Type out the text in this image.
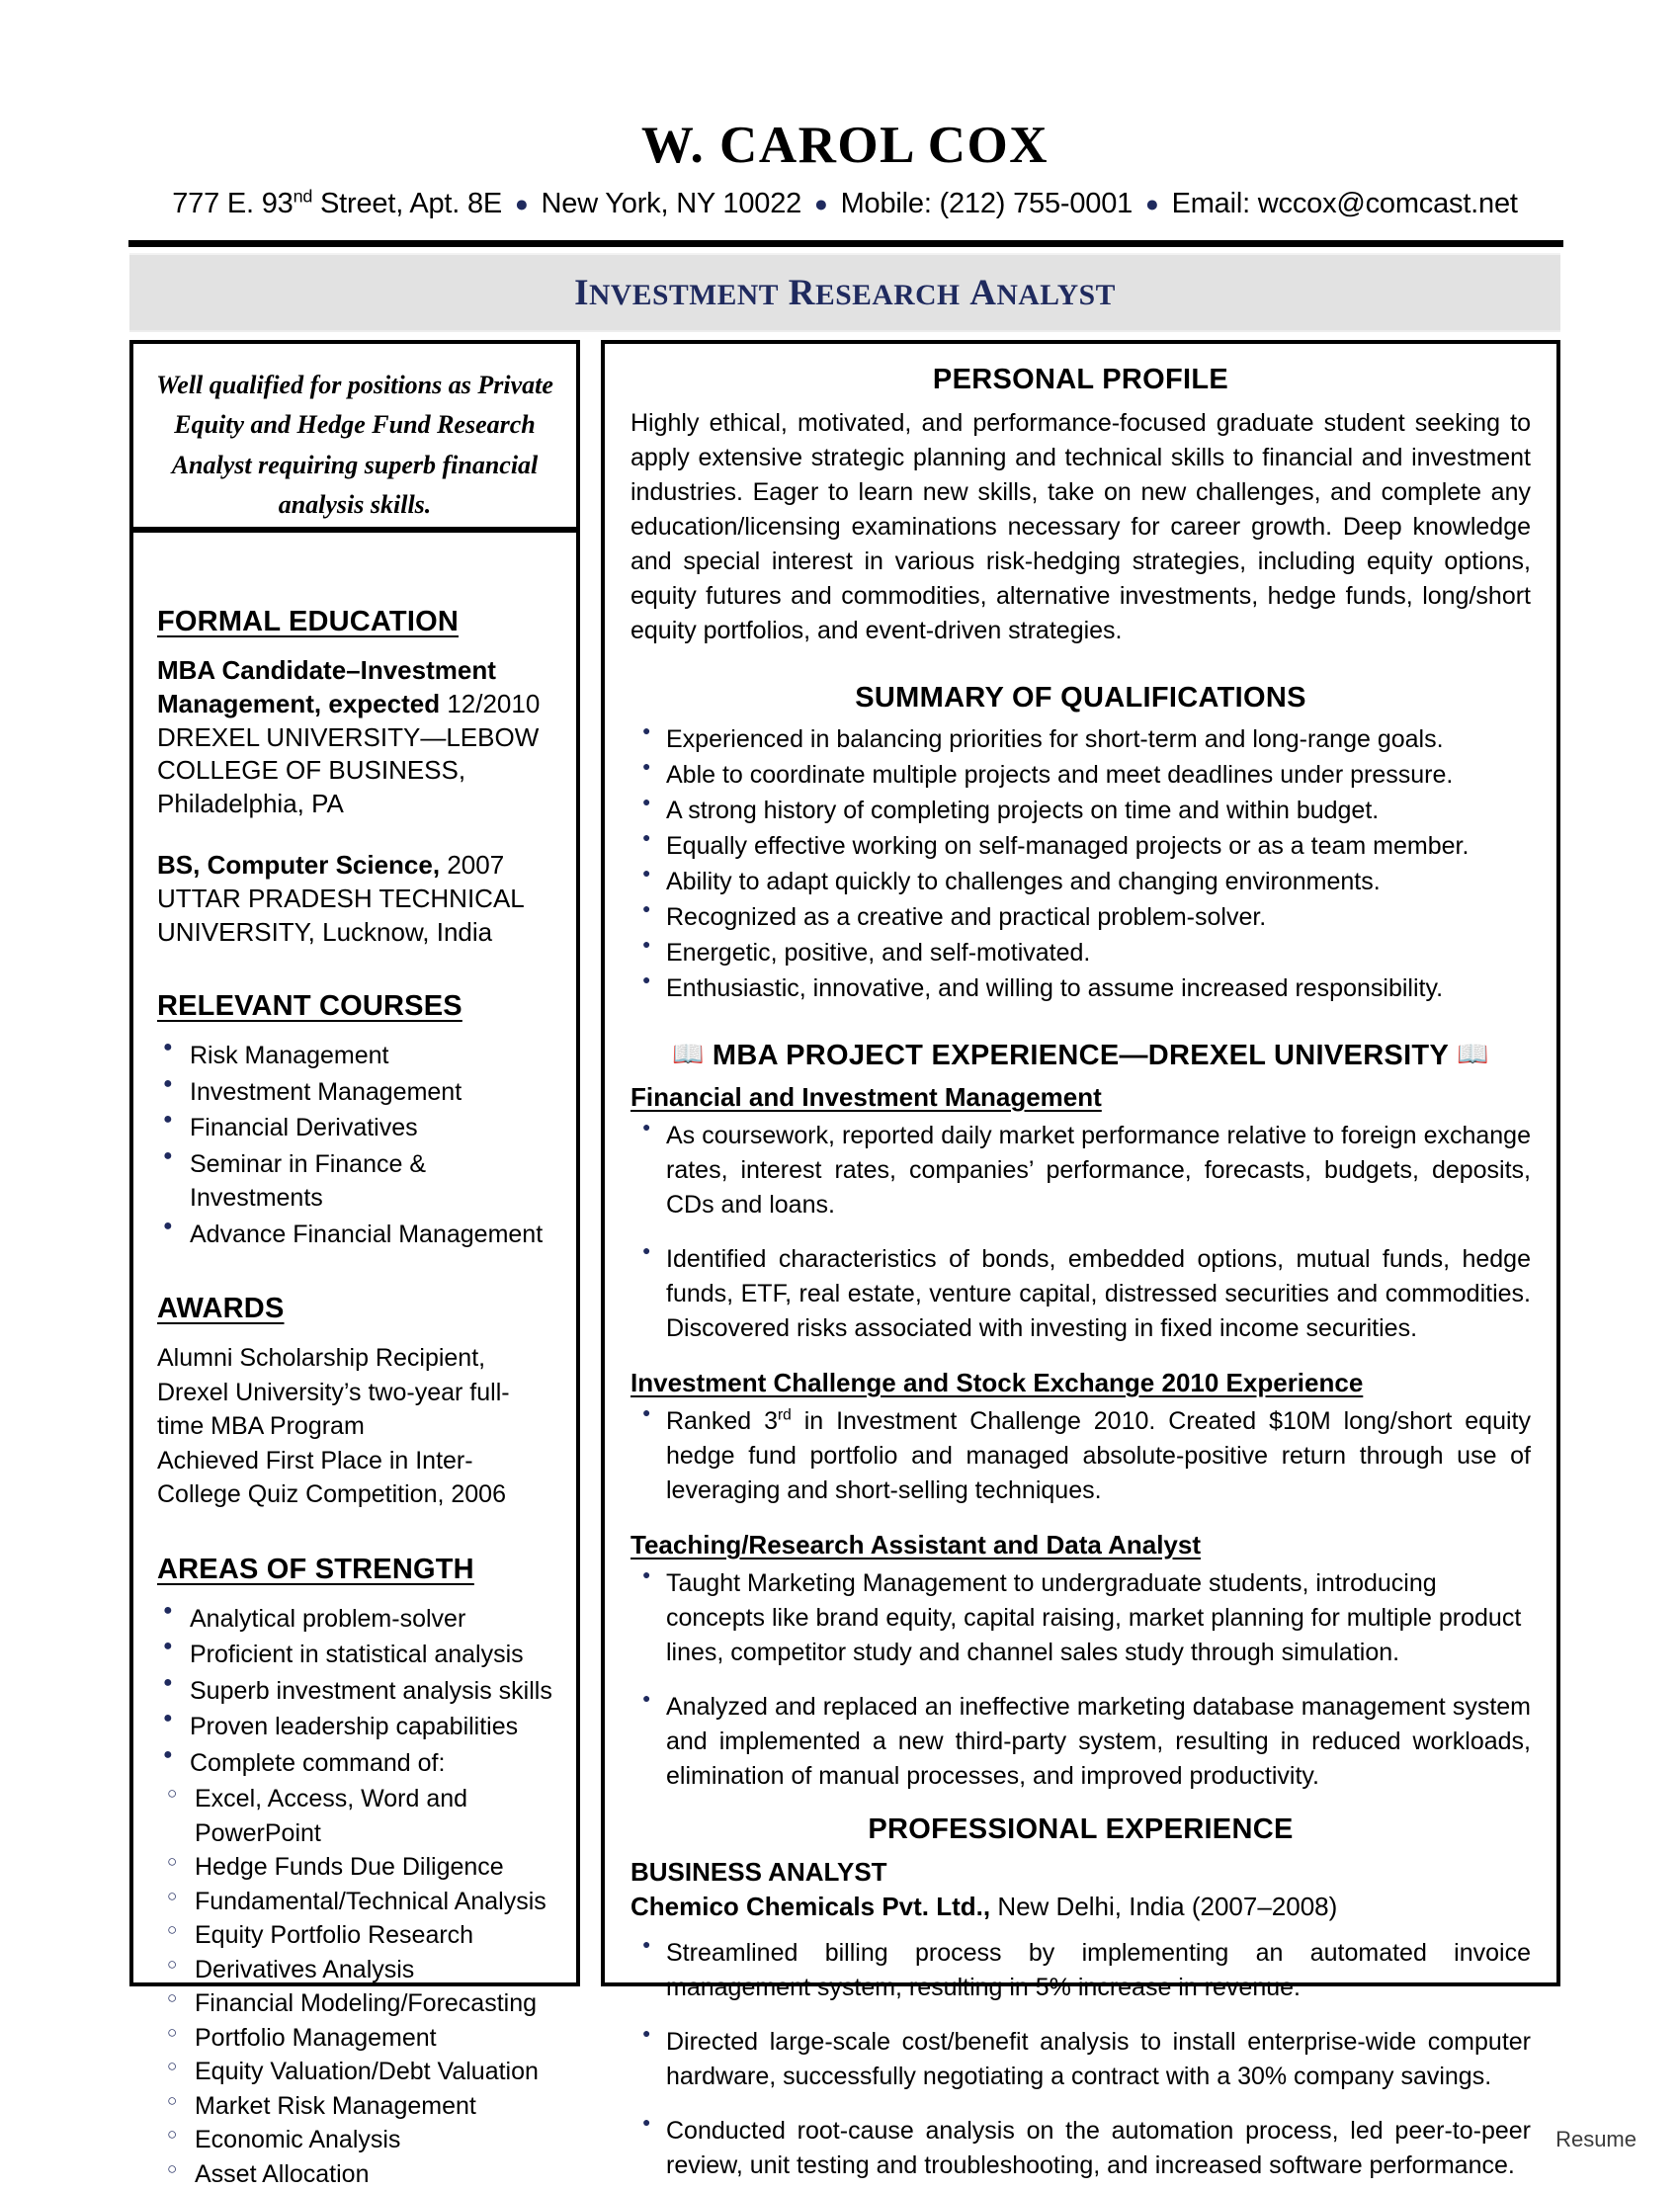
W. CAROL COX
777 E. 93nd Street, Apt. 8E ● New York, NY 10022 ● Mobile: (212) 755-0001 ● Email: wccox@comcast.net
INVESTMENT RESEARCH ANALYST
Well qualified for positions as Private Equity and Hedge Fund Research Analyst requiring superb financial analysis skills.
FORMAL EDUCATION
MBA Candidate–Investment Management, expected 12/2010
DREXEL UNIVERSITY—LEBOW COLLEGE OF BUSINESS, Philadelphia, PA
BS, Computer Science, 2007
UTTAR PRADESH TECHNICAL UNIVERSITY, Lucknow, India
RELEVANT COURSES
● Risk Management
● Investment Management
● Financial Derivatives
● Seminar in Finance & Investments
● Advance Financial Management
AWARDS
Alumni Scholarship Recipient, Drexel University’s two-year full-time MBA Program
Achieved First Place in Inter-College Quiz Competition, 2006
AREAS OF STRENGTH
● Analytical problem-solver
● Proficient in statistical analysis
● Superb investment analysis skills
● Proven leadership capabilities
● Complete command of:
○ Excel, Access, Word and PowerPoint
○ Hedge Funds Due Diligence
○ Fundamental/Technical Analysis
○ Equity Portfolio Research
○ Derivatives Analysis
○ Financial Modeling/Forecasting
○ Portfolio Management
○ Equity Valuation/Debt Valuation
○ Market Risk Management
○ Economic Analysis
○ Asset Allocation
PERSONAL PROFILE

Highly ethical, motivated, and performance-focused graduate student seeking to apply extensive strategic planning and technical skills to financial and investment industries. Eager to learn new skills, take on new challenges, and complete any education/licensing examinations necessary for career growth. Deep knowledge and special interest in various risk-hedging strategies, including equity options, equity futures and commodities, alternative investments, hedge funds, long/short equity portfolios, and event-driven strategies.

SUMMARY OF QUALIFICATIONS
● Experienced in balancing priorities for short-term and long-range goals.
● Able to coordinate multiple projects and meet deadlines under pressure.
● A strong history of completing projects on time and within budget.
● Equally effective working on self-managed projects or as a team member.
● Ability to adapt quickly to challenges and changing environments.
● Recognized as a creative and practical problem-solver.
● Energetic, positive, and self-motivated.
● Enthusiastic, innovative, and willing to assume increased responsibility.
📖 MBA PROJECT EXPERIENCE—DREXEL UNIVERSITY 📖
Financial and Investment Management
● As coursework, reported daily market performance relative to foreign exchange rates, interest rates, companies’ performance, forecasts, budgets, deposits, CDs and loans.
● Identified characteristics of bonds, embedded options, mutual funds, hedge funds, ETF, real estate, venture capital, distressed securities and commodities. Discovered risks associated with investing in fixed income securities.
Investment Challenge and Stock Exchange 2010 Experience
● Ranked 3rd in Investment Challenge 2010. Created $10M long/short equity hedge fund portfolio and managed absolute-positive return through use of leveraging and short-selling techniques.
Teaching/Research Assistant and Data Analyst
● Taught Marketing Management to undergraduate students, introducing concepts like brand equity, capital raising, market planning for multiple product lines, competitor study and channel sales study through simulation.
● Analyzed and replaced an ineffective marketing database management system and implemented a new third-party system, resulting in reduced workloads, elimination of manual processes, and improved productivity.
PROFESSIONAL EXPERIENCE
BUSINESS ANALYST
Chemico Chemicals Pvt. Ltd., New Delhi, India (2007–2008)
● Streamlined billing process by implementing an automated invoice management system, resulting in 5% increase in revenue.
● Directed large-scale cost/benefit analysis to install enterprise-wide computer hardware, successfully negotiating a contract with a 30% company savings.
● Conducted root-cause analysis on the automation process, led peer-to-peer review, unit testing and troubleshooting, and increased software performance.
Resume
